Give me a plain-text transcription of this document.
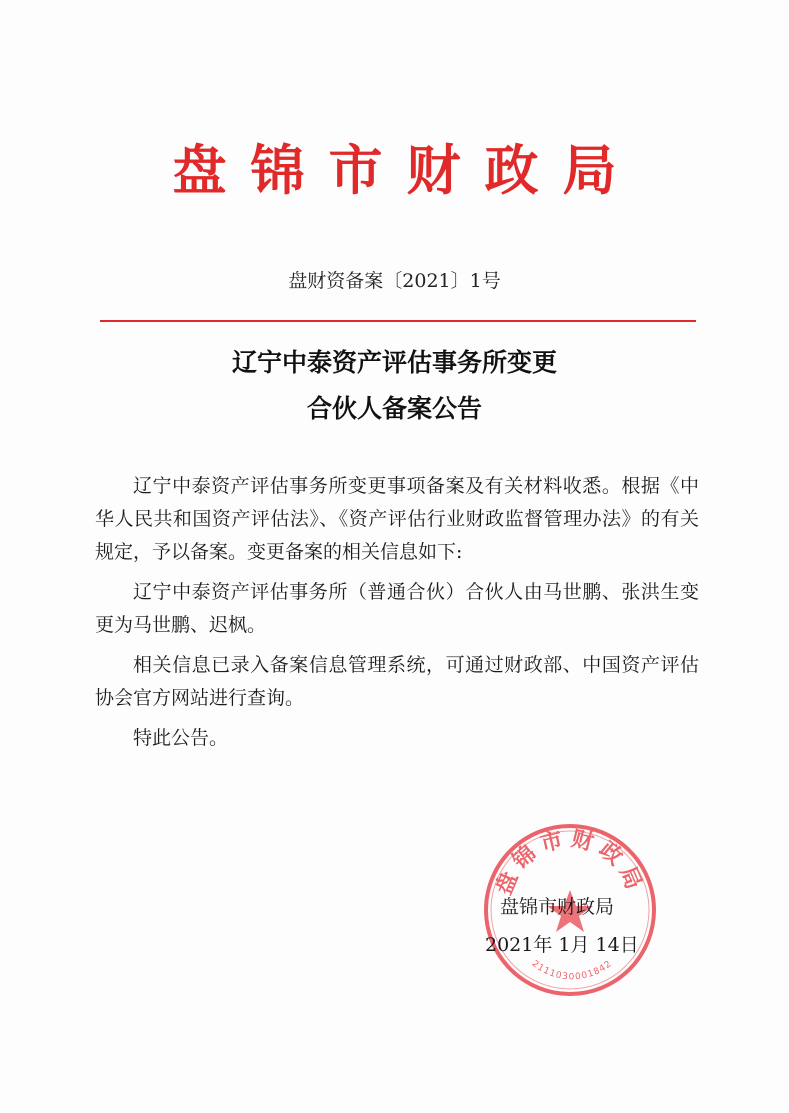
盘锦市财政局
盘财资备案〔2021〕1号
辽宁中泰资产评估事务所变更
合伙人备案公告

辽宁中泰资产评估事务所变更事项备案及有关材料收悉。根据《中华人民共和国资产评估法》、《资产评估行业财政监督管理办法》的有关规定，予以备案。变更备案的相关信息如下:

辽宁中泰资产评估事务所（普通合伙）合伙人由马世鹏、张洪生变更为马世鹏、迟枫。

相关信息已录入备案信息管理系统，可通过财政部、中国资产评估协会官方网站进行查询。

特此公告。

盘锦市财政局
2111030001842
盘锦市财政局
2021年 1月 14日
